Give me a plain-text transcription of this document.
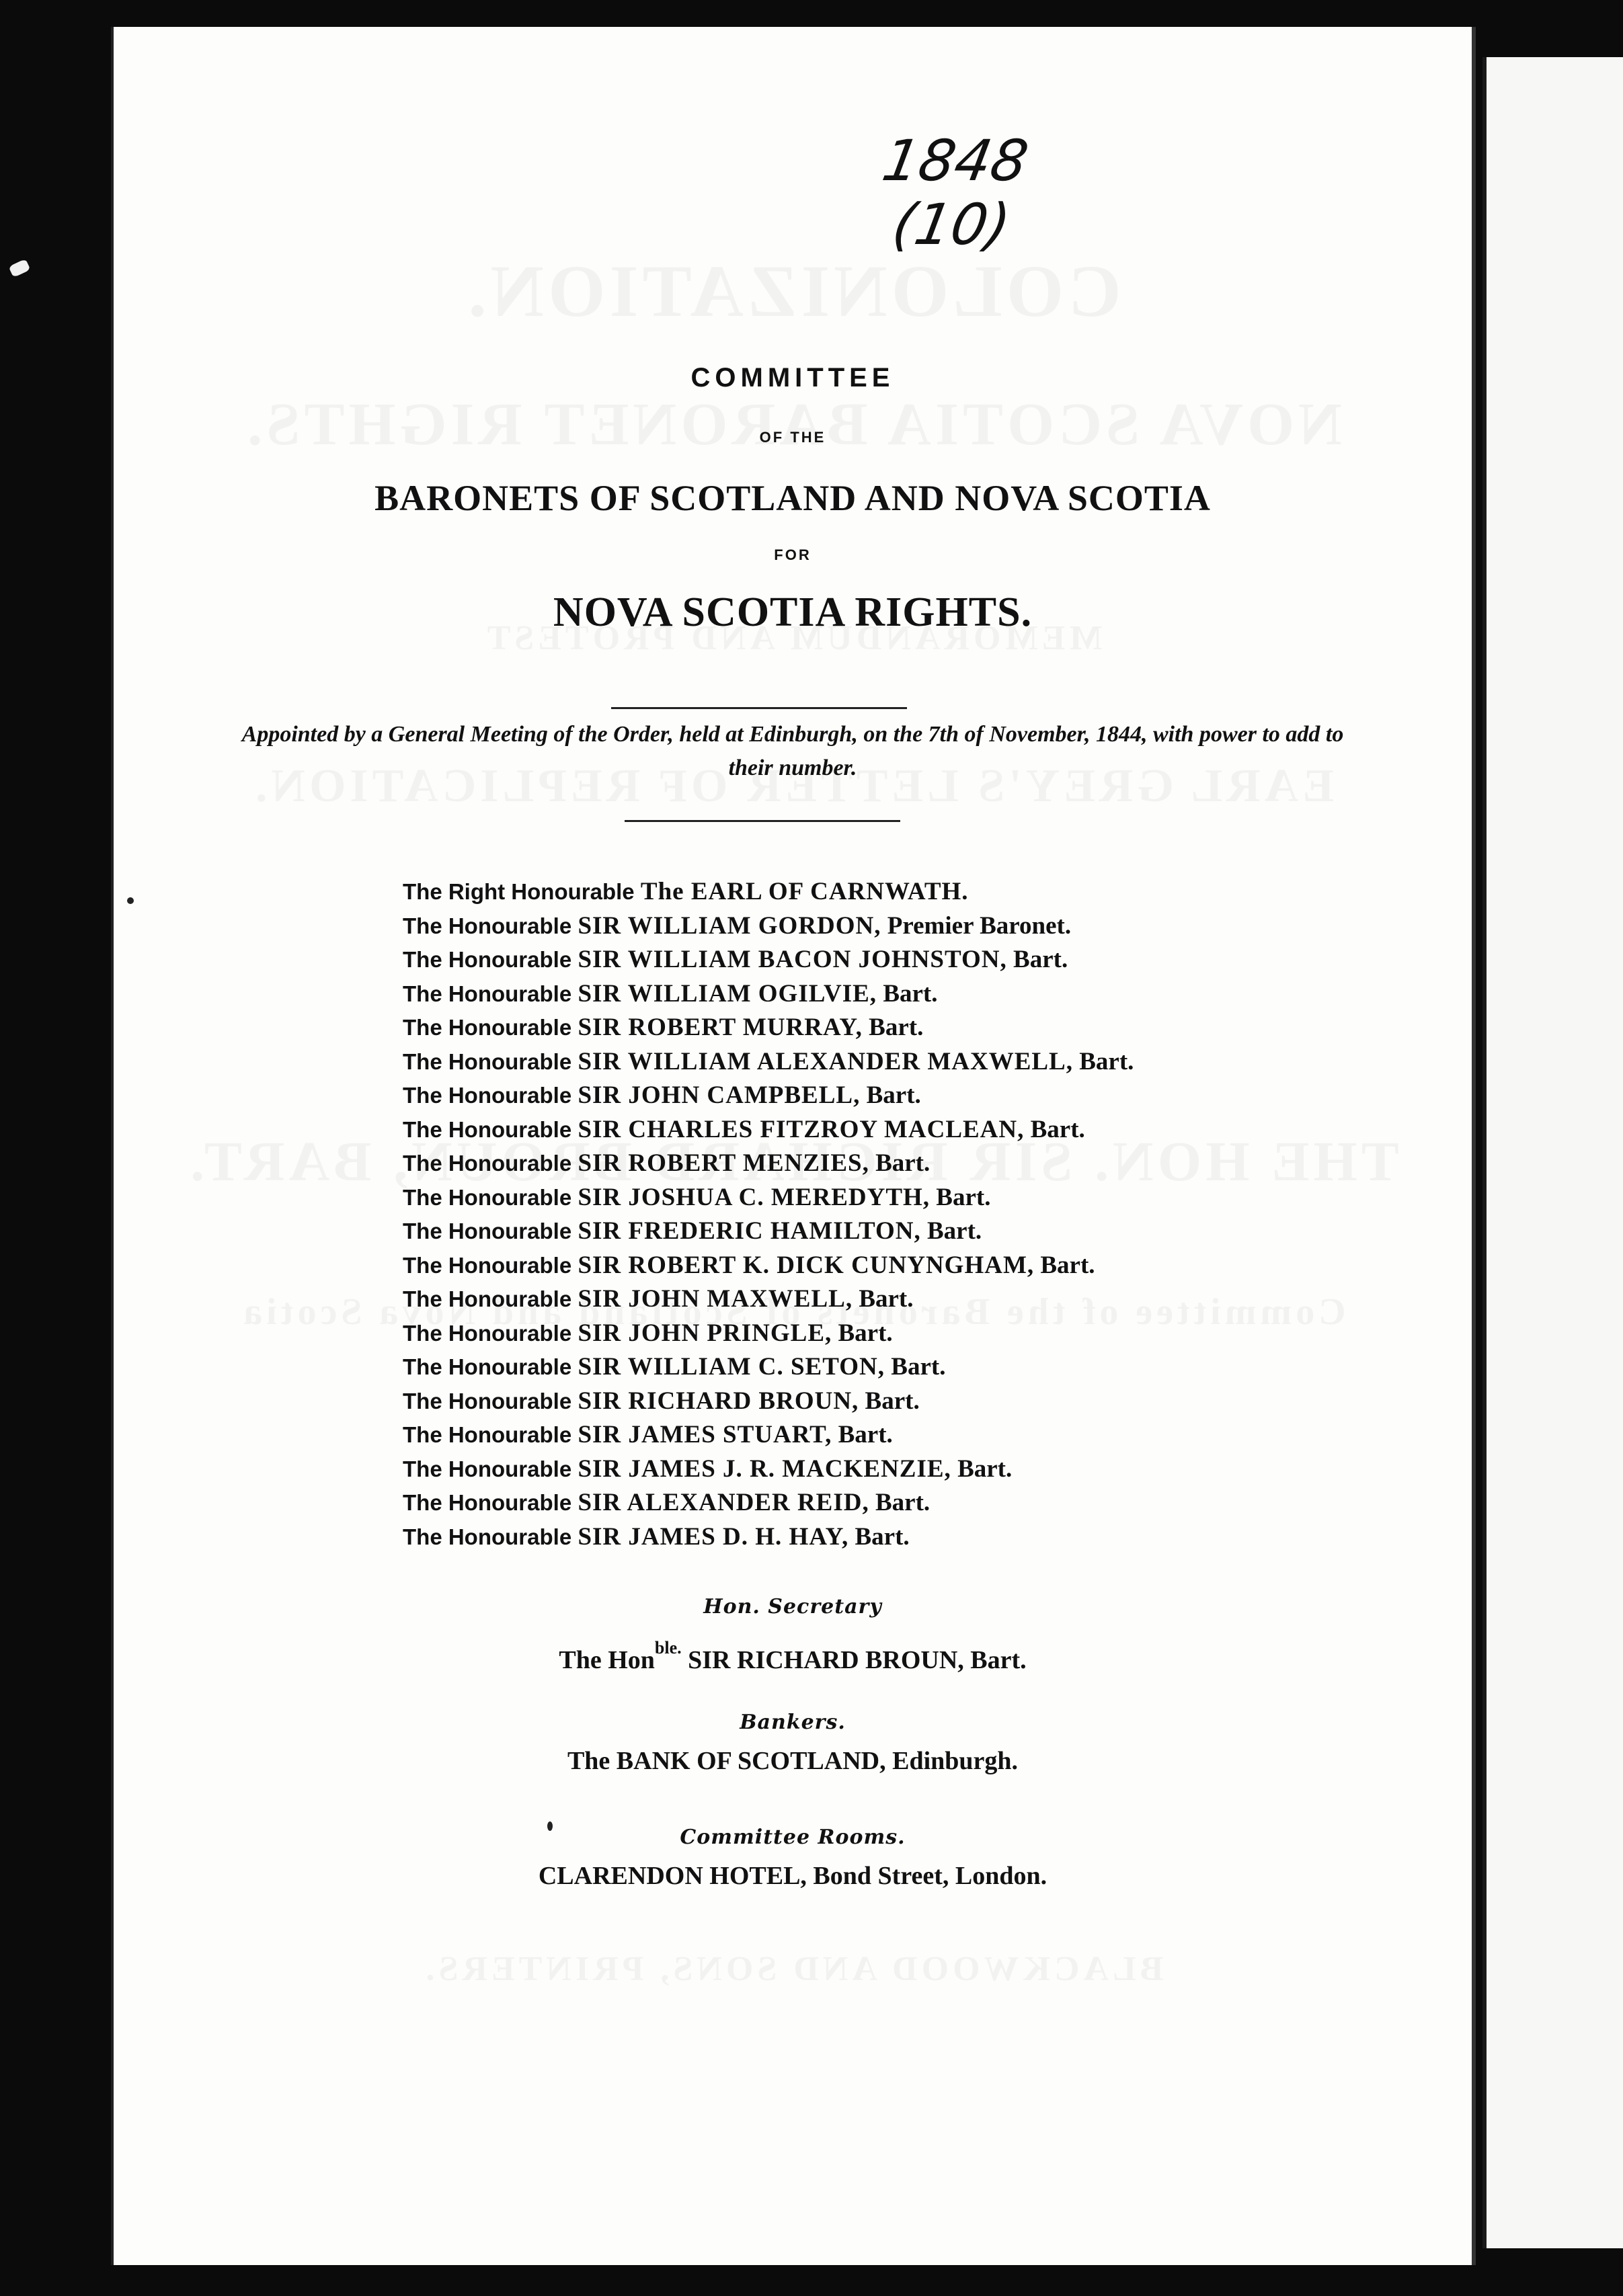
1848
(10)
COMMITTEE
OF THE
BARONETS OF SCOTLAND AND NOVA SCOTIA
FOR
NOVA SCOTIA RIGHTS.
Appointed by a General Meeting of the Order, held at Edinburgh, on the 7th of November, 1844, with power to add to their number.
The Right Honourable The EARL OF CARNWATH.
The Honourable SIR WILLIAM GORDON, Premier Baronet.
The Honourable SIR WILLIAM BACON JOHNSTON, Bart.
The Honourable SIR WILLIAM OGILVIE, Bart.
The Honourable SIR ROBERT MURRAY, Bart.
The Honourable SIR WILLIAM ALEXANDER MAXWELL, Bart.
The Honourable SIR JOHN CAMPBELL, Bart.
The Honourable SIR CHARLES FITZROY MACLEAN, Bart.
The Honourable SIR ROBERT MENZIES, Bart.
The Honourable SIR JOSHUA C. MEREDYTH, Bart.
The Honourable SIR FREDERIC HAMILTON, Bart.
The Honourable SIR ROBERT K. DICK CUNYNGHAM, Bart.
The Honourable SIR JOHN MAXWELL, Bart.
The Honourable SIR JOHN PRINGLE, Bart.
The Honourable SIR WILLIAM C. SETON, Bart.
The Honourable SIR RICHARD BROUN, Bart.
The Honourable SIR JAMES STUART, Bart.
The Honourable SIR JAMES J. R. MACKENZIE, Bart.
The Honourable SIR ALEXANDER REID, Bart.
The Honourable SIR JAMES D. H. HAY, Bart.
Hon. Secretary
The Hon$^{ble.}$ SIR RICHARD BROUN, Bart.
Bankers.
The BANK OF SCOTLAND, Edinburgh.
Committee Rooms.
CLARENDON HOTEL, Bond Street, London.
